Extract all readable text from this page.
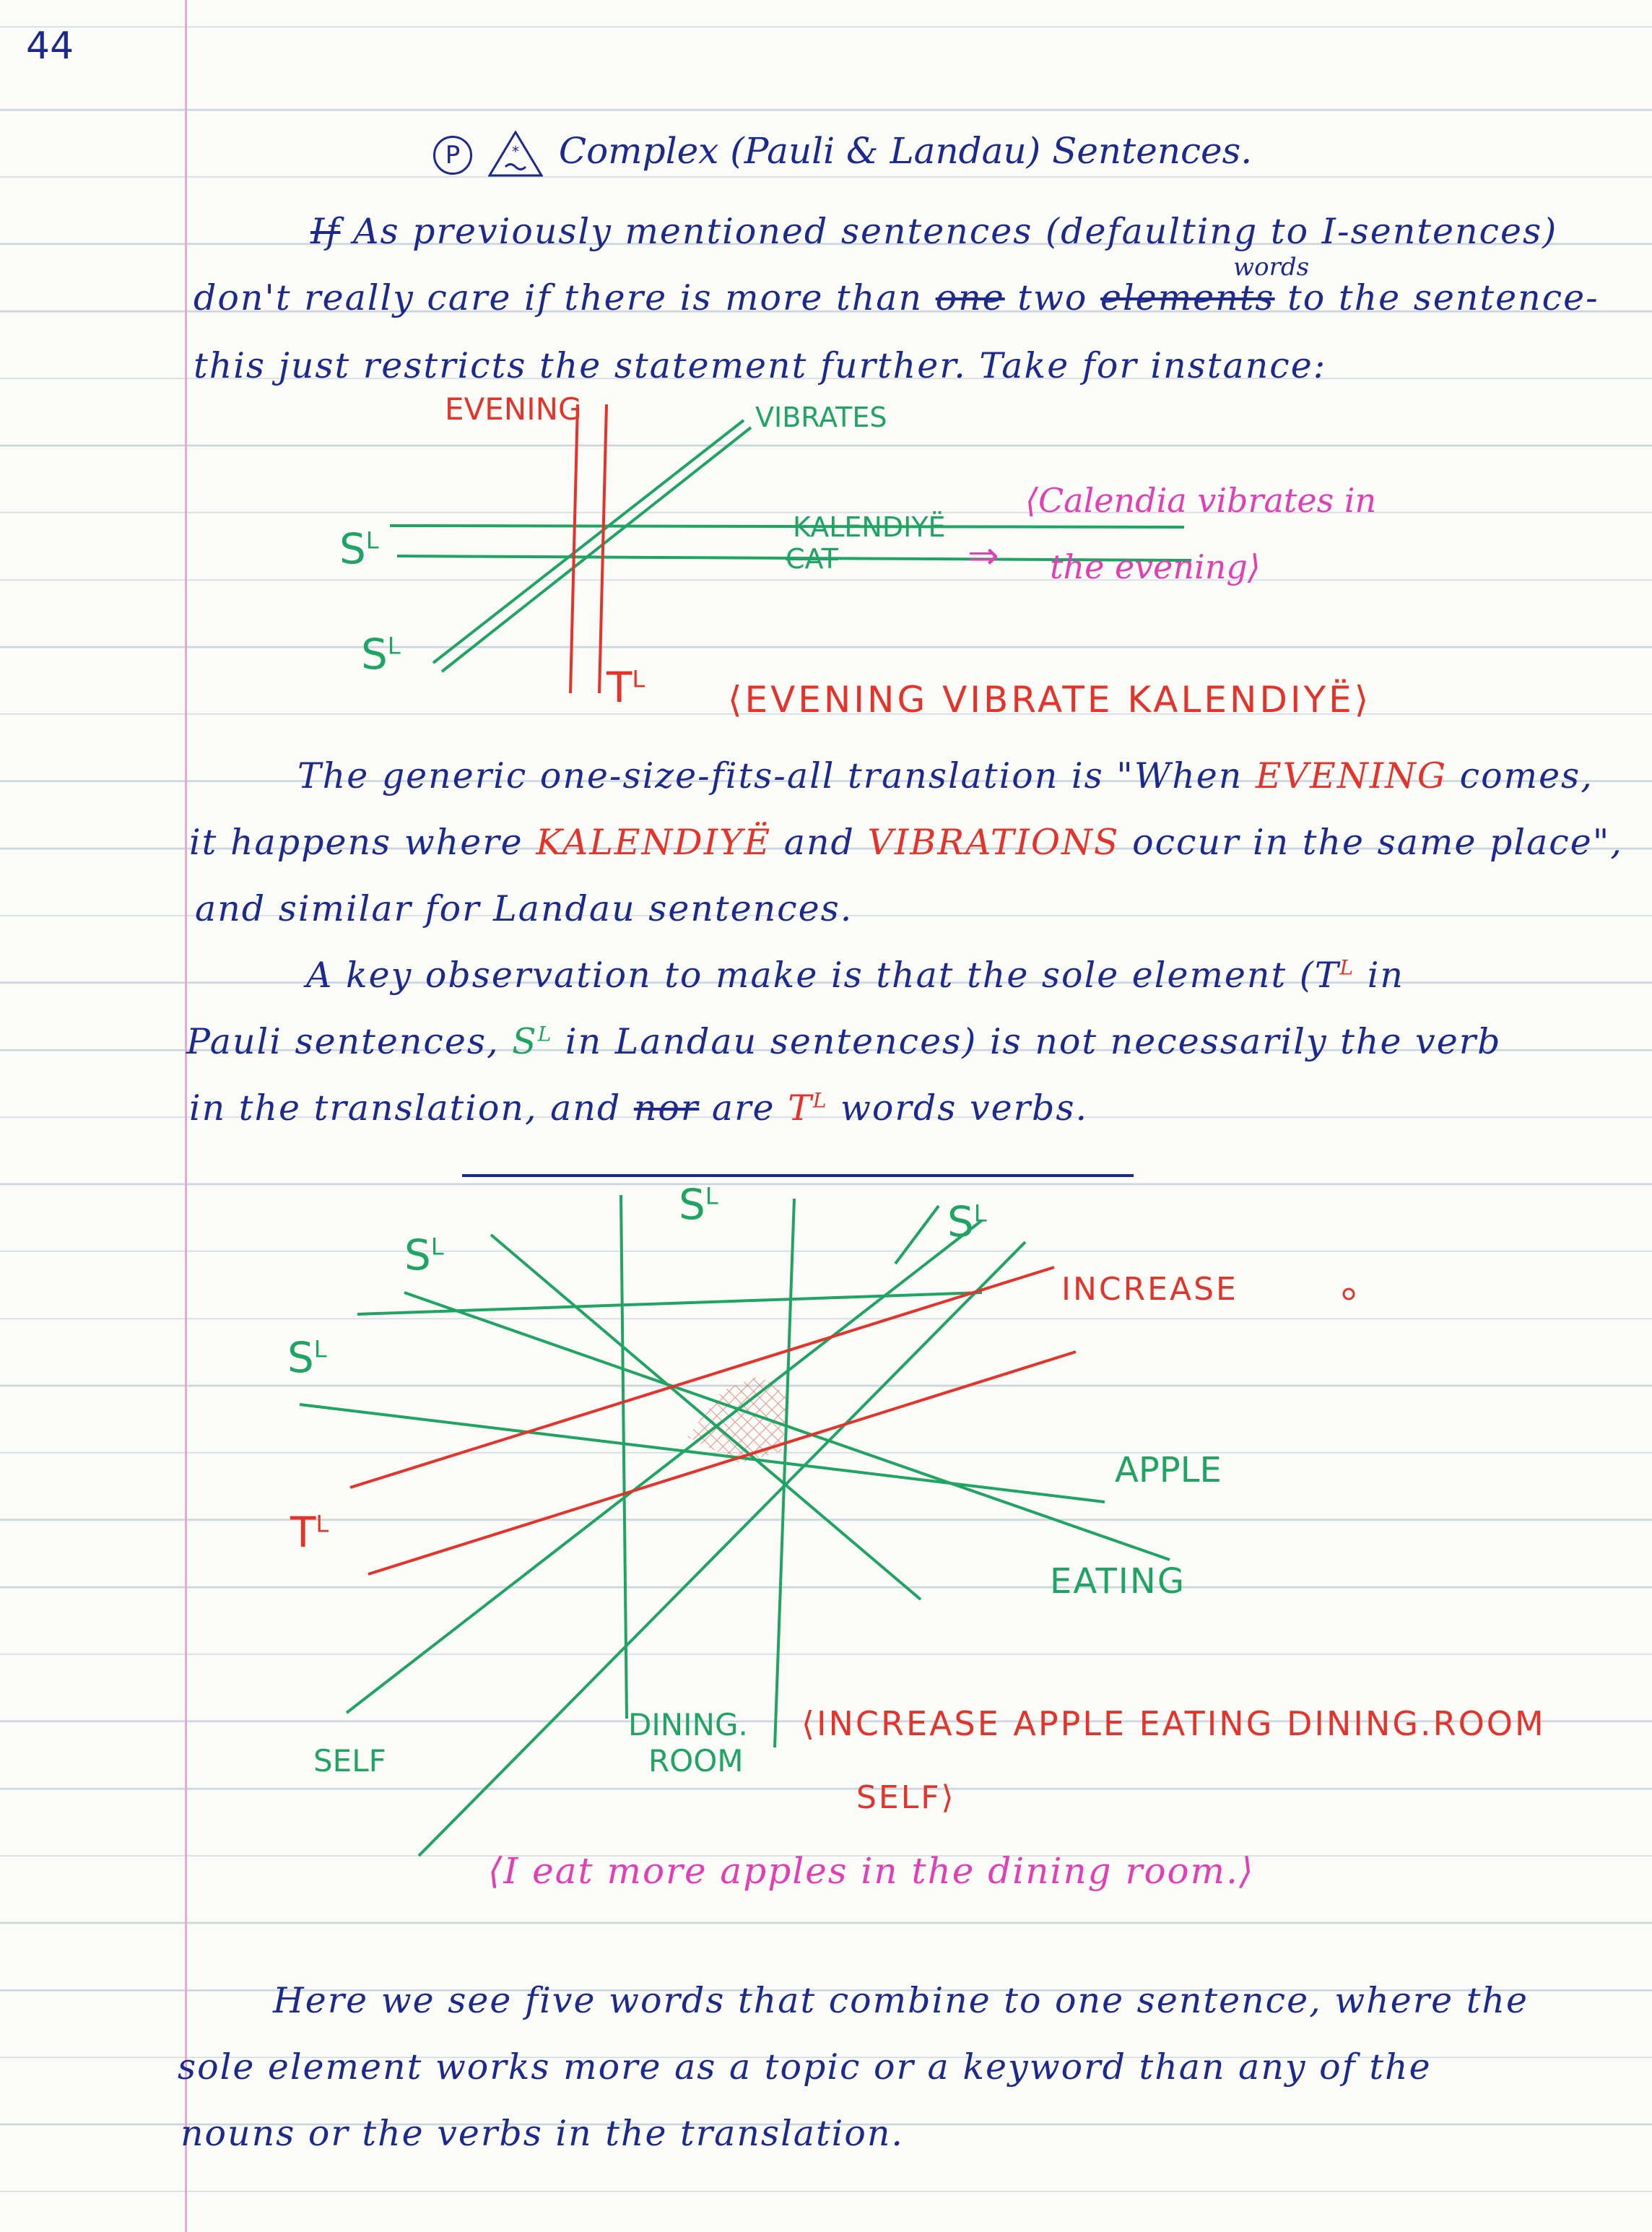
44
P	* Complex (Pauli & Landau) Sentences.
If As previously mentioned sentences (defaulting to I-sentences)
words
don't really care if there is more than one two elements to the sentence-
this just restricts the statement further. Take for instance:
EVENING	VIBRATES
KALENDIYË
CAT
$S^L$
$S^L$
$T^L$
⇒
⟨Calendia vibrates in
the evening⟩
⟨EVENING VIBRATE KALENDIYË⟩
The generic one-size-fits-all translation is "When EVENING comes,
it happens where KALENDIYË and VIBRATIONS occur in the same place",
and similar for Landau sentences.
A key observation to make is that the sole element ($T^L$ in
Pauli sentences, $S^L$ in Landau sentences) is not necessarily the verb
in the translation, and nor are $T^L$ words verbs.
$S^L$
$S^L$
$S^L$
$S^L$
$T^L$
INCREASE
APPLE
EATING
SELF
DINING.
ROOM
⟨INCREASE APPLE EATING DINING.ROOM
SELF⟩
⟨I eat more apples in the dining room.⟩
Here we see five words that combine to one sentence, where the
sole element works more as a topic or a keyword than any of the
nouns or the verbs in the translation.
